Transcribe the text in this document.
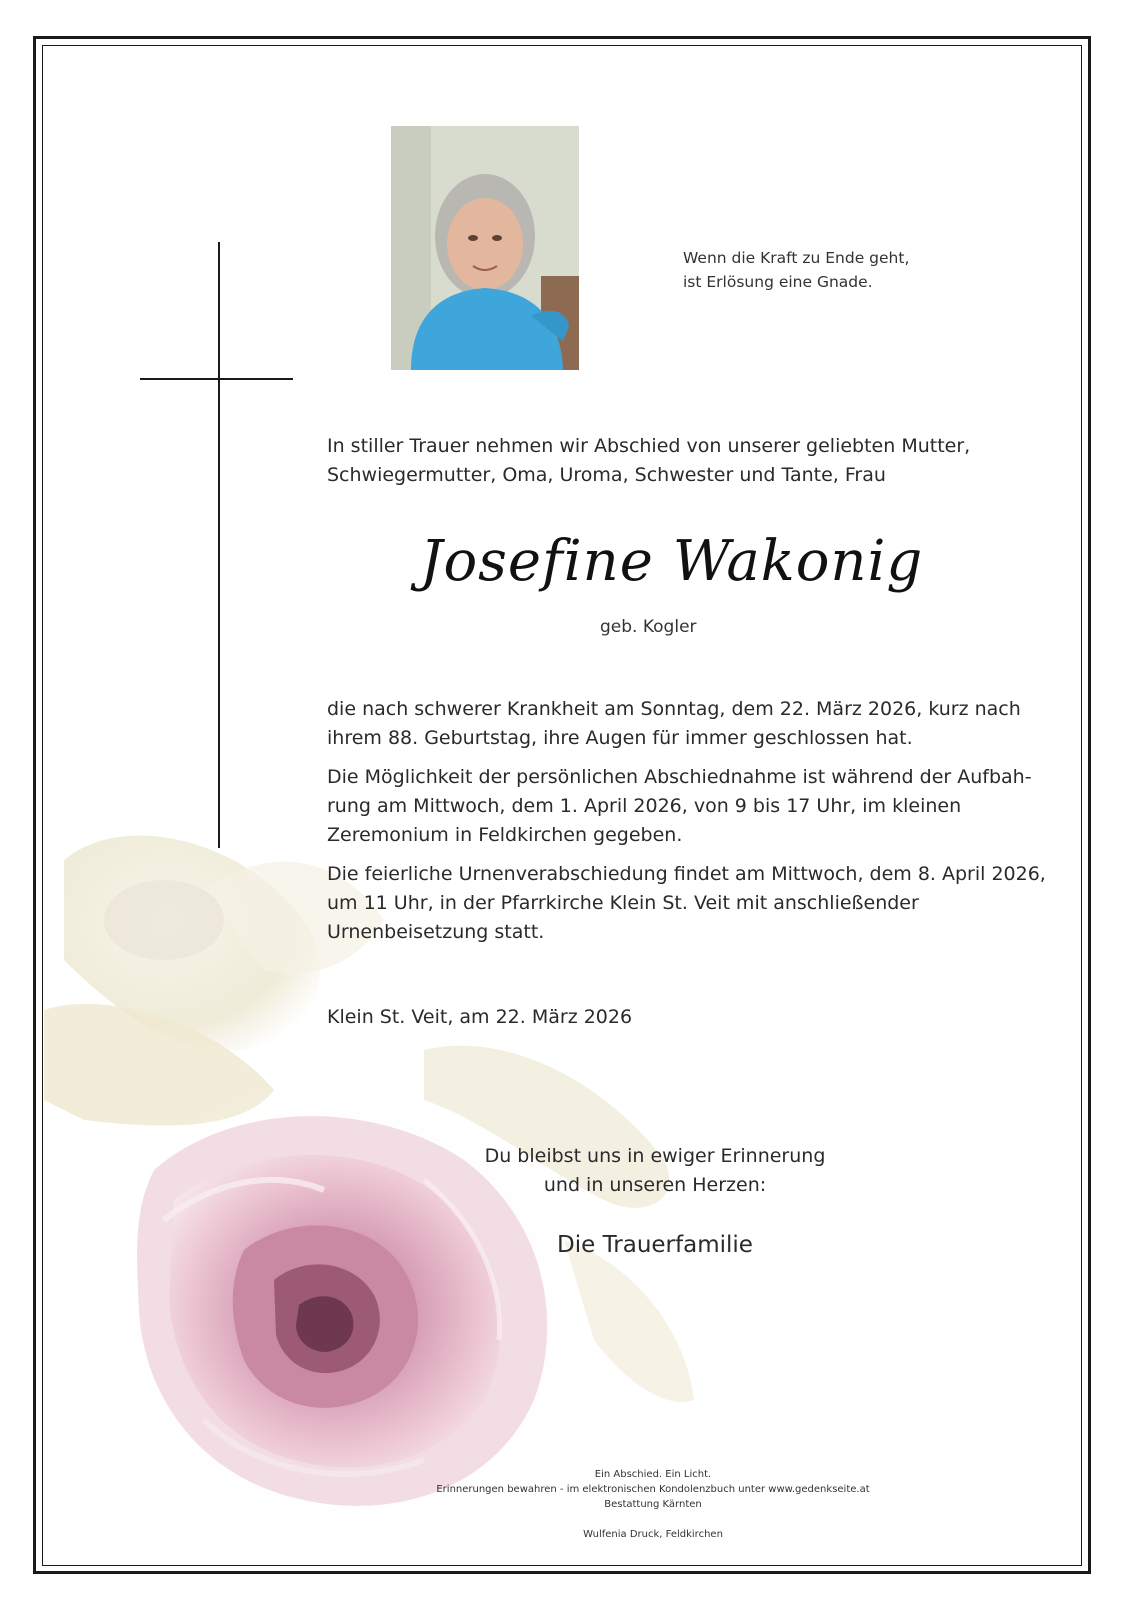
Wenn die Kraft zu Ende geht,
ist Erlösung eine Gnade.
In stiller Trauer nehmen wir Abschied von unserer geliebten Mutter,
Schwiegermutter, Oma, Uroma, Schwester und Tante, Frau
Josefine Wakonig
geb. Kogler
die nach schwerer Krankheit am Sonntag, dem 22. März 2026, kurz nach
ihrem 88. Geburtstag, ihre Augen für immer geschlossen hat.
Die Möglichkeit der persönlichen Abschiednahme ist während der Aufbah-
rung am Mittwoch, dem 1. April 2026, von 9 bis 17 Uhr, im kleinen
Zeremonium in Feldkirchen gegeben.
Die feierliche Urnenverabschiedung findet am Mittwoch, dem 8. April 2026,
um 11 Uhr, in der Pfarrkirche Klein St. Veit mit anschließender
Urnenbeisetzung statt.
Klein St. Veit, am 22. März 2026
Du bleibst uns in ewiger Erinnerung
und in unseren Herzen:
Die Trauerfamilie
Ein Abschied. Ein Licht.
Erinnerungen bewahren - im elektronischen Kondolenzbuch unter www.gedenkseite.at
Bestattung Kärnten
Wulfenia Druck, Feldkirchen
